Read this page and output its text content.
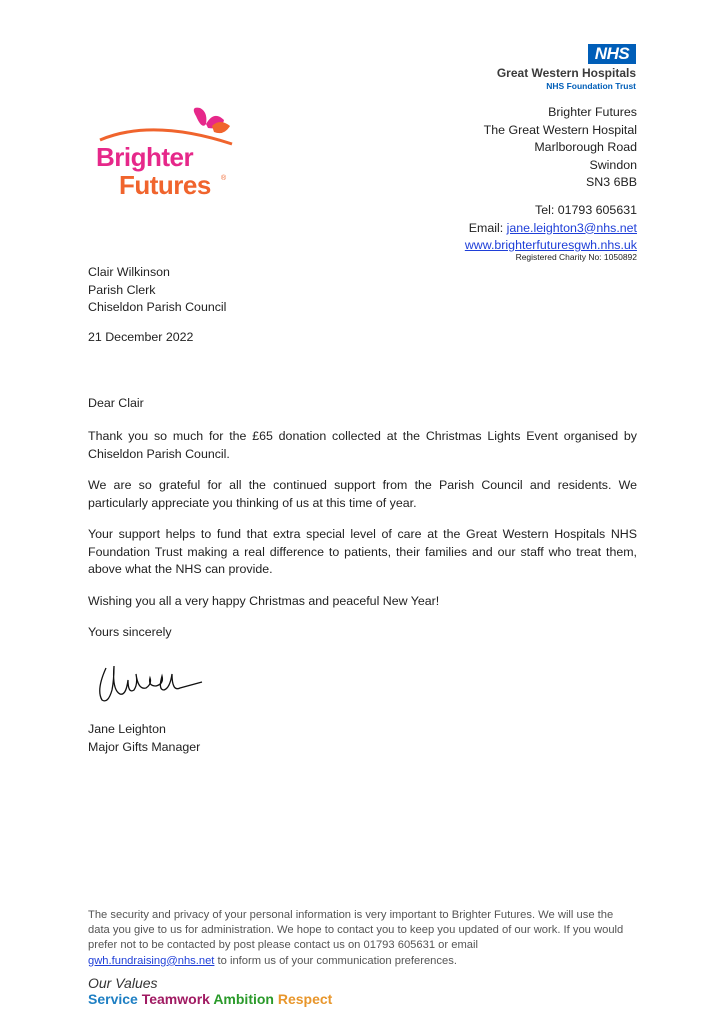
NHS
Great Western Hospitals
NHS Foundation Trust
Brighter
Futures ®
Brighter Futures
The Great Western Hospital
Marlborough Road
Swindon
SN3 6BB
Tel: 01793 605631
Email: jane.leighton3@nhs.net
www.brighterfuturesgwh.nhs.uk
Registered Charity No: 1050892
Clair Wilkinson
Parish Clerk
Chiseldon Parish Council
21 December 2022
Dear Clair

Thank you so much for the £65 donation collected at the Christmas Lights Event organised by Chiseldon Parish Council.

We are so grateful for all the continued support from the Parish Council and residents. We particularly appreciate you thinking of us at this time of year.

Your support helps to fund that extra special level of care at the Great Western Hospitals NHS Foundation Trust making a real difference to patients, their families and our staff who treat them, above what the NHS can provide.

Wishing you all a very happy Christmas and peaceful New Year!

Yours sincerely
Jane Leighton
Major Gifts Manager
The security and privacy of your personal information is very important to Brighter Futures. We will use the data you give to us for administration. We hope to contact you to keep you updated of our work. If you would prefer not to be contacted by post please contact us on 01793 605631 or email
gwh.fundraising@nhs.net to inform us of your communication preferences.
Our Values
Service Teamwork Ambition Respect
